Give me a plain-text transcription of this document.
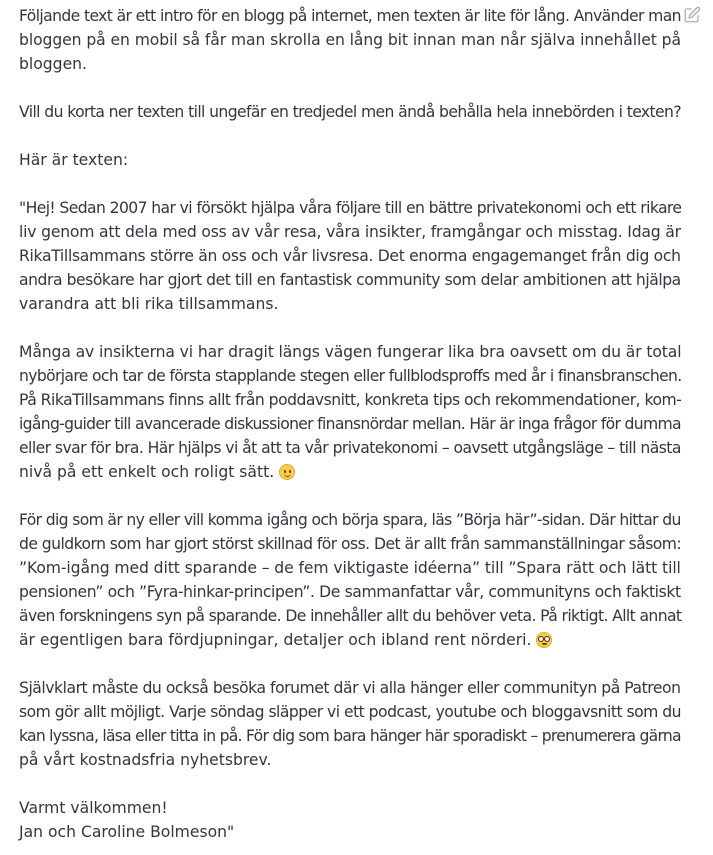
Följande text är ett intro för en blogg på internet, men texten är lite för lång. Använder man
bloggen på en mobil så får man skrolla en lång bit innan man når själva innehållet på
bloggen.
Vill du korta ner texten till ungefär en tredjedel men ändå behålla hela innebörden i texten?
Här är texten:
"Hej! Sedan 2007 har vi försökt hjälpa våra följare till en bättre privatekonomi och ett rikare
liv genom att dela med oss av vår resa, våra insikter, framgångar och misstag. Idag är
RikaTillsammans större än oss och vår livsresa. Det enorma engagemanget från dig och
andra besökare har gjort det till en fantastisk community som delar ambitionen att hjälpa
varandra att bli rika tillsammans.
Många av insikterna vi har dragit längs vägen fungerar lika bra oavsett om du är total
nybörjare och tar de första stapplande stegen eller fullblodsproffs med år i finansbranschen.
På RikaTillsammans finns allt från poddavsnitt, konkreta tips och rekommendationer, kom-
igång-guider till avancerade diskussioner finansnördar mellan. Här är inga frågor för dumma
eller svar för bra. Här hjälps vi åt att ta vår privatekonomi – oavsett utgångsläge – till nästa
nivå på ett enkelt och roligt sätt.
För dig som är ny eller vill komma igång och börja spara, läs ”Börja här”-sidan. Där hittar du
de guldkorn som har gjort störst skillnad för oss. Det är allt från sammanställningar såsom:
”Kom-igång med ditt sparande – de fem viktigaste idéerna” till ”Spara rätt och lätt till
pensionen” och ”Fyra-hinkar-principen”. De sammanfattar vår, communityns och faktiskt
även forskningens syn på sparande. De innehåller allt du behöver veta. På riktigt. Allt annat
är egentligen bara fördjupningar, detaljer och ibland rent nörderi.
Självklart måste du också besöka forumet där vi alla hänger eller communityn på Patreon
som gör allt möjligt. Varje söndag släpper vi ett podcast, youtube och bloggavsnitt som du
kan lyssna, läsa eller titta in på. För dig som bara hänger här sporadiskt – prenumerera gärna
på vårt kostnadsfria nyhetsbrev.
Varmt välkommen!
Jan och Caroline Bolmeson"
